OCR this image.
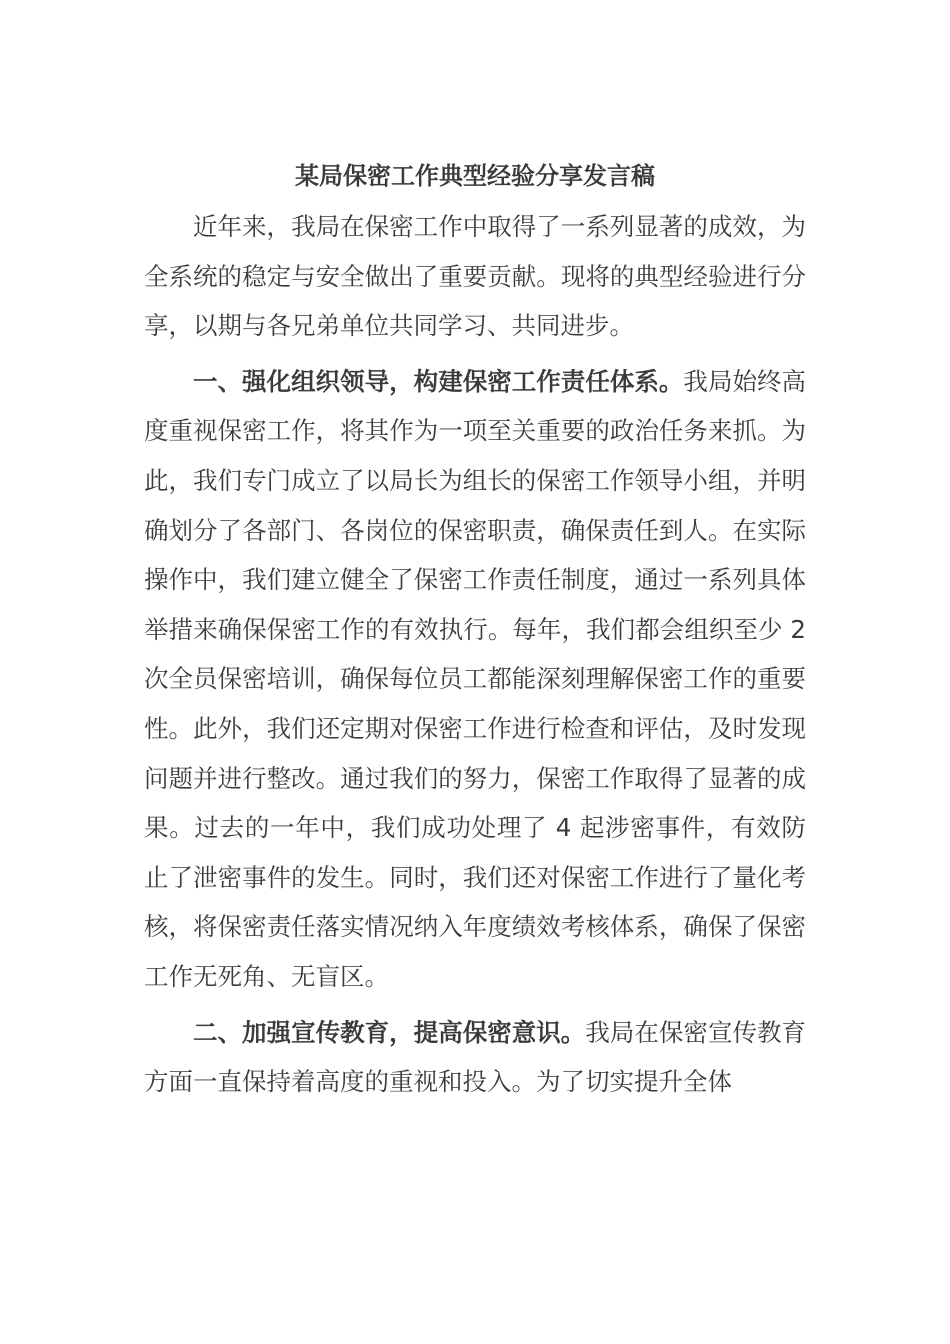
某局保密工作典型经验分享发言稿

近年来，我局在保密工作中取得了一系列显著的成效，为全系统的稳定与安全做出了重要贡献。现将的典型经验进行分享，以期与各兄弟单位共同学习、共同进步。

一、强化组织领导，构建保密工作责任体系。我局始终高度重视保密工作，将其作为一项至关重要的政治任务来抓。为此，我们专门成立了以局长为组长的保密工作领导小组，并明确划分了各部门、各岗位的保密职责，确保责任到人。在实际操作中，我们建立健全了保密工作责任制度，通过一系列具体举措来确保保密工作的有效执行。每年，我们都会组织至少 2 次全员保密培训，确保每位员工都能深刻理解保密工作的重要性。此外，我们还定期对保密工作进行检查和评估，及时发现问题并进行整改。通过我们的努力，保密工作取得了显著的成果。过去的一年中，我们成功处理了 4 起涉密事件，有效防止了泄密事件的发生。同时，我们还对保密工作进行了量化考核，将保密责任落实情况纳入年度绩效考核体系，确保了保密工作无死角、无盲区。

二、加强宣传教育，提高保密意识。我局在保密宣传教育方面一直保持着高度的重视和投入。为了切实提升全体
